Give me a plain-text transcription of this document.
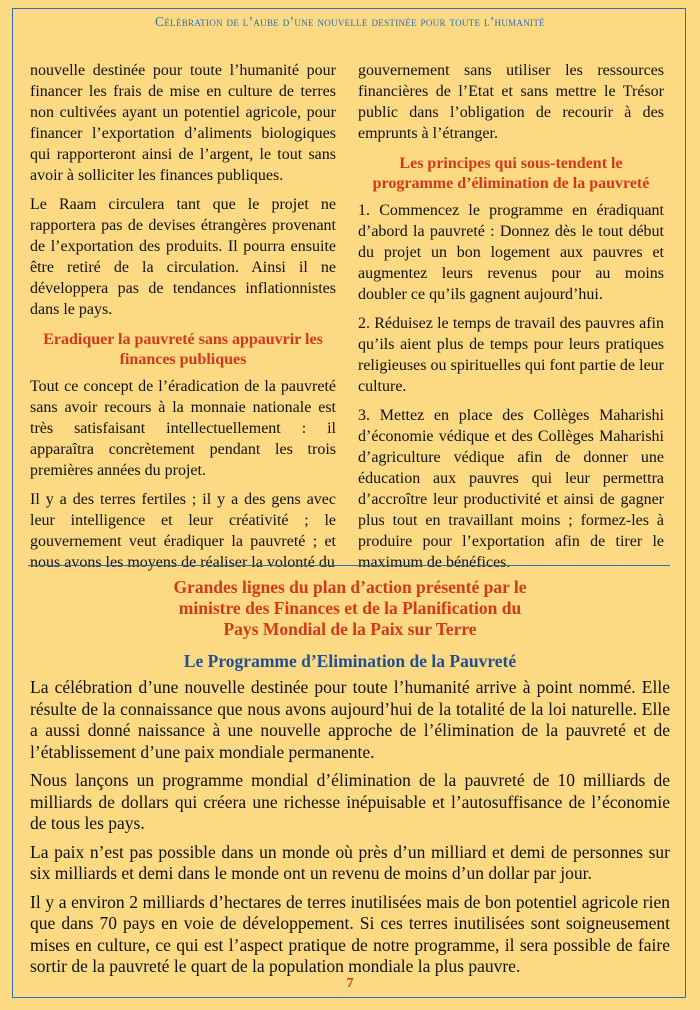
Célébration de l’aube d’une nouvelle destinée pour toute l’humanité

nouvelle destinée pour toute l’humanité pour financer les frais de mise en culture de terres non cultivées ayant un potentiel agricole, pour financer l’exportation d’aliments biologiques qui rapporteront ainsi de l’argent, le tout sans avoir à solliciter les finances publiques.

Le Raam circulera tant que le projet ne rapportera pas de devises étrangères provenant de l’exportation des produits. Il pourra ensuite être retiré de la circulation. Ainsi il ne développera pas de tendances inflationnistes dans le pays.

Eradiquer la pauvreté sans appauvrir les finances publiques

Tout ce concept de l’éradication de la pauvreté sans avoir recours à la monnaie nationale est très satisfaisant intellectuellement : il apparaîtra concrètement pendant les trois premières années du projet.

Il y a des terres fertiles ; il y a des gens avec leur intelligence et leur créativité ; le gouvernement veut éradiquer la pauvreté ; et nous avons les moyens de réaliser la volonté du

gouvernement sans utiliser les ressources financières de l’Etat et sans mettre le Trésor public dans l’obligation de recourir à des emprunts à l’étranger.

Les principes qui sous-tendent le programme d’élimination de la pauvreté

1. Commencez le programme en éradiquant d’abord la pauvreté : Donnez dès le tout début du projet un bon logement aux pauvres et augmentez leurs revenus pour au moins doubler ce qu’ils gagnent aujourd’hui.

2. Réduisez le temps de travail des pauvres afin qu’ils aient plus de temps pour leurs pratiques religieuses ou spirituelles qui font partie de leur culture.

3. Mettez en place des Collèges Maharishi d’économie védique et des Collèges Maharishi d’agriculture védique afin de donner une éducation aux pauvres qui leur permettra d’accroître leur productivité et ainsi de gagner plus tout en travaillant moins ; formez-les à produire pour l’exportation afin de tirer le maximum de bénéfices.

Grandes lignes du plan d’action présenté par le
ministre des Finances et de la Planification du
Pays Mondial de la Paix sur Terre
Le Programme d’Elimination de la Pauvreté

La célébration d’une nouvelle destinée pour toute l’humanité arrive à point nommé. Elle résulte de la connaissance que nous avons aujourd’hui de la totalité de la loi naturelle. Elle a aussi donné naissance à une nouvelle approche de l’élimination de la pauvreté et de l’établissement d’une paix mondiale permanente.

Nous lançons un programme mondial d’élimination de la pauvreté de 10 milliards de milliards de dollars qui créera une richesse inépuisable et l’autosuffisance de l’économie de tous les pays.

La paix n’est pas possible dans un monde où près d’un milliard et demi de personnes sur six milliards et demi dans le monde ont un revenu de moins d’un dollar par jour.

Il y a environ 2 milliards d’hectares de terres inutilisées mais de bon potentiel agricole rien que dans 70 pays en voie de développement. Si ces terres inutilisées sont soigneusement mises en culture, ce qui est l’aspect pratique de notre programme, il sera possible de faire sortir de la pauvreté le quart de la population mondiale la plus pauvre.

7
